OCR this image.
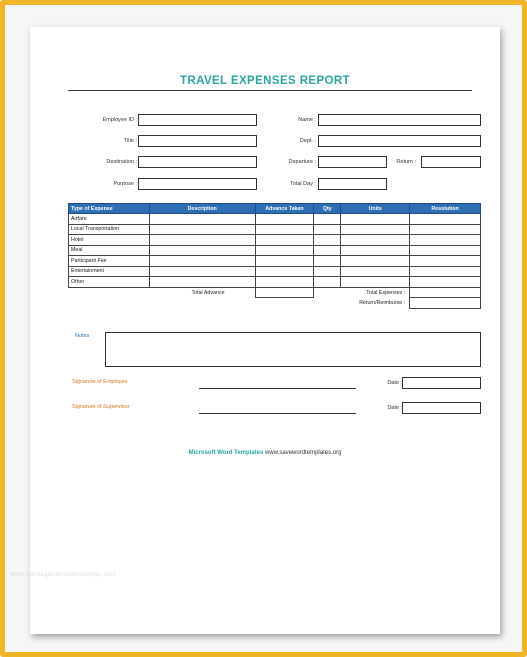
TRAVEL EXPENSES REPORT
Employee ID :	Name :
Title :	Dept. :
Destination :	Departure :	Return :
Purpose :	Total Day :
Type of Expense	Description	Advance Taken	Qty	Units	Resolution
Airfare					
Local Transportation					
Hotel					
Meal					
Participant Fee					
Entertainment					
Other					
Total Advance			Total Expenses :		
			Return/Reimburse :		
Notes
Signature of Employee	Date :
Signature of Supervisor	Date :
Microsoft Word Templates www.savewordtemplates.org
www.heritagechristiancollege.com
